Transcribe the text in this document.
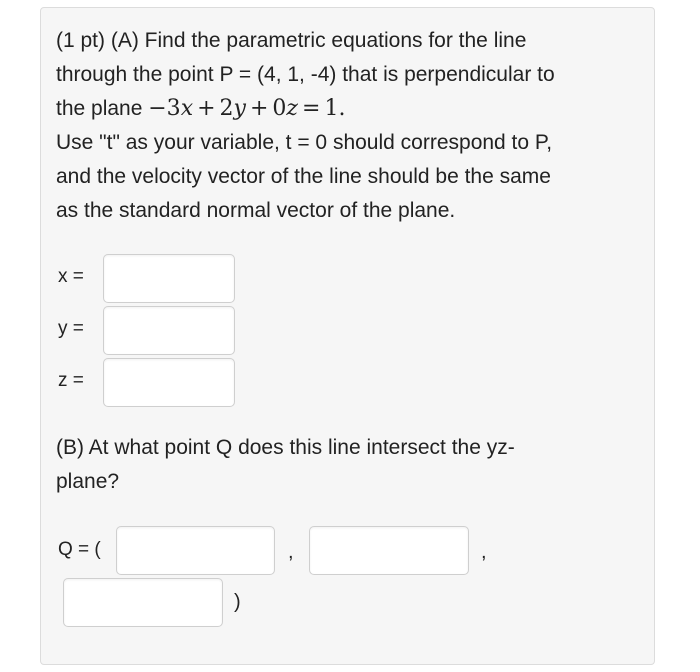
(1 pt) (A) Find the parametric equations for the line

through the point P = (4, 1, -4) that is perpendicular to

the plane −3x + 2y + 0z = 1.

Use "t" as your variable, t = 0 should correspond to P,

and the velocity vector of the line should be the same

as the standard normal vector of the plane.

x =
y =
z =
(B) At what point Q does this line intersect the yz-
plane?
Q = (	,	,
)
